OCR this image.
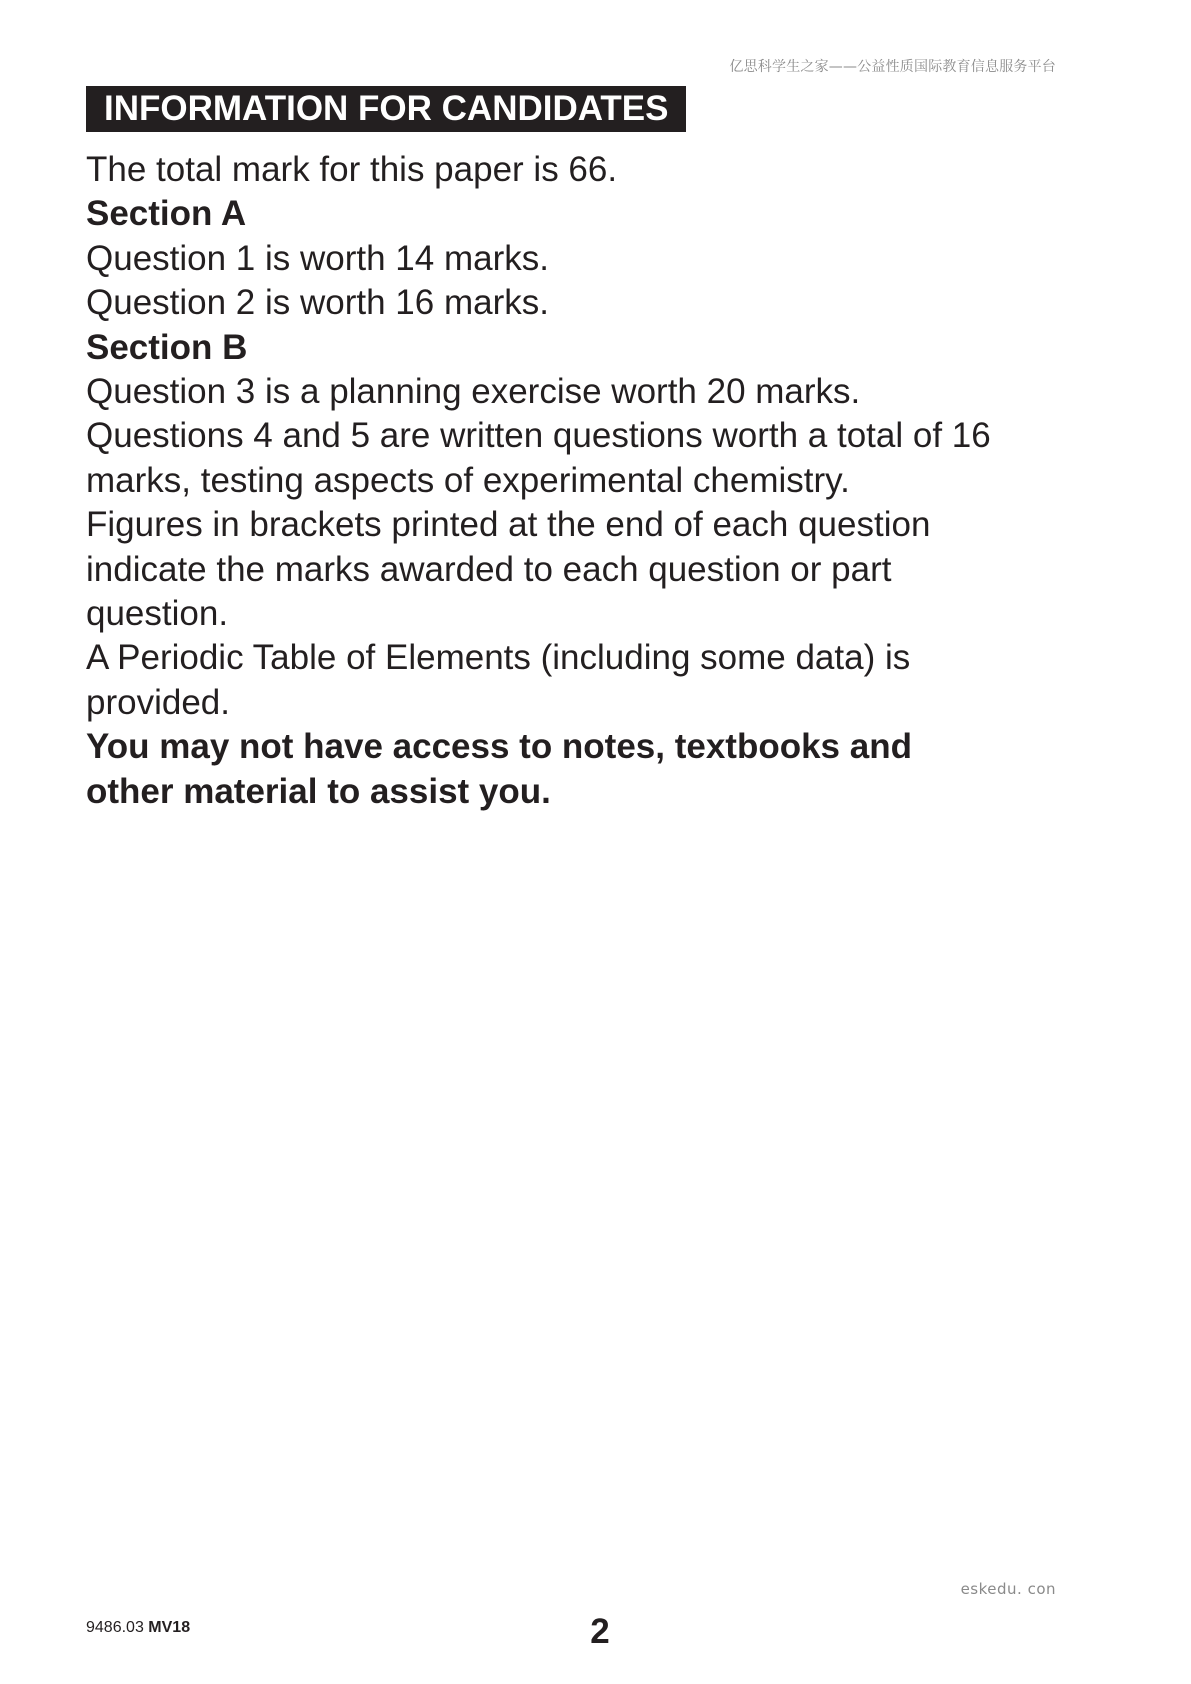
亿思科学生之家——公益性质国际教育信息服务平台
INFORMATION FOR CANDIDATES

The total mark for this paper is 66.

Section A

Question 1 is worth 14 marks.

Question 2 is worth 16 marks.

Section B

Question 3 is a planning exercise worth 20 marks.

Questions 4 and 5 are written questions worth a total of 16 marks, testing aspects of experimental chemistry.

Figures in brackets printed at the end of each question indicate the marks awarded to each question or part question.

A Periodic Table of Elements (including some data) is provided.

You may not have access to notes, textbooks and other material to assist you.

eskedu. con
9486.03 MV18	2
